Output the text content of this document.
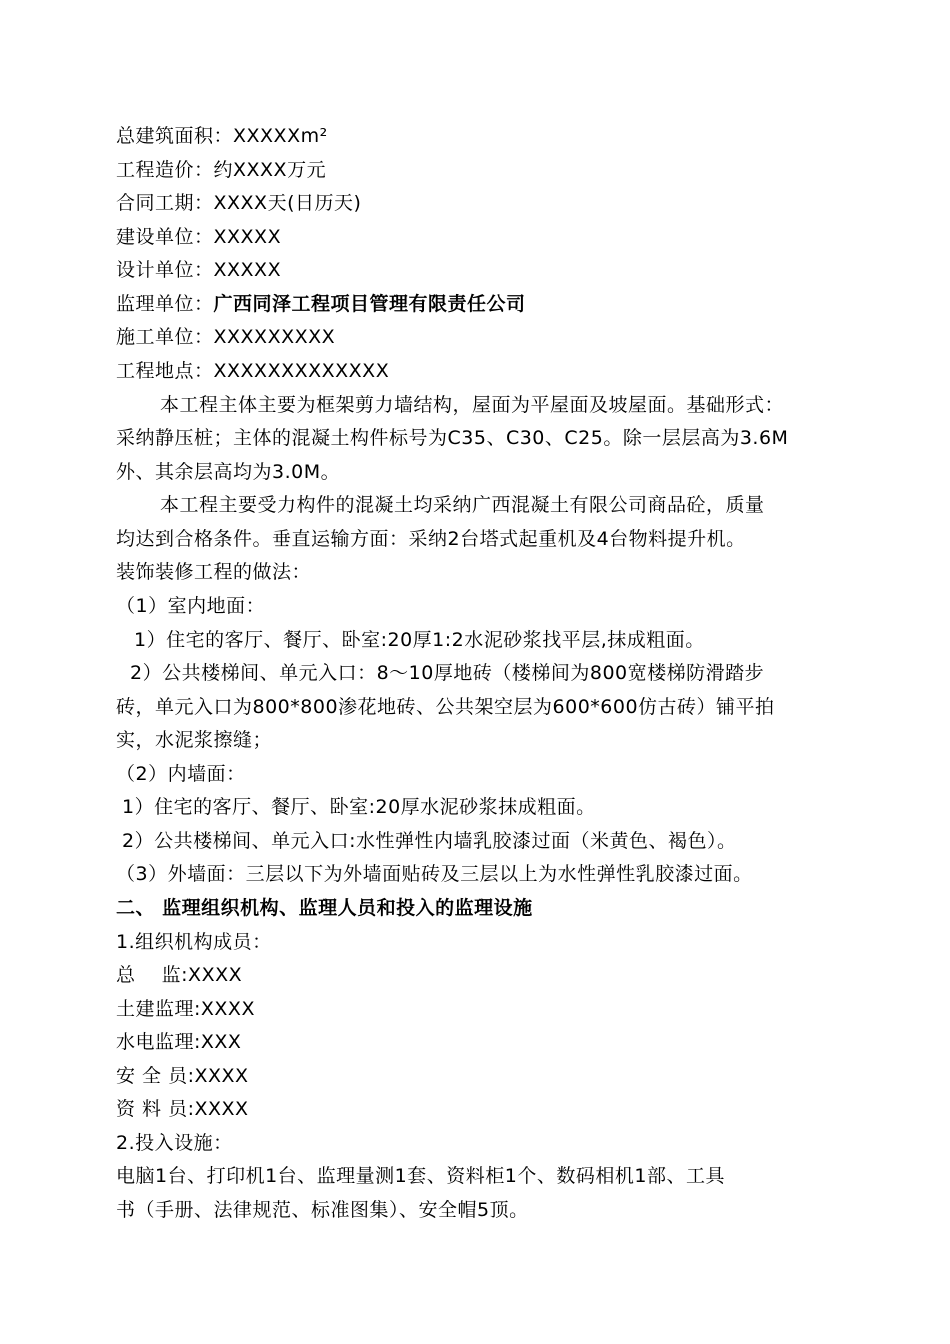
总建筑面积：XXXXXm²
工程造价：约XXXX万元
合同工期：XXXX天(日历天)
建设单位：XXXXX
设计单位：XXXXX
监理单位：广西同泽工程项目管理有限责任公司
施工单位：XXXXXXXXX
工程地点：XXXXXXXXXXXXX
本工程主体主要为框架剪力墙结构，屋面为平屋面及坡屋面。基础形式：
采纳静压桩；主体的混凝土构件标号为C35、C30、C25。除一层层高为3.6M
外、其余层高均为3.0M。
本工程主要受力构件的混凝土均采纳广西混凝土有限公司商品砼，质量
均达到合格条件。垂直运输方面：采纳2台塔式起重机及4台物料提升机。
装饰装修工程的做法：
（1）室内地面：
1）住宅的客厅、餐厅、卧室:20厚1:2水泥砂浆找平层,抹成粗面。
2）公共楼梯间、单元入口：8～10厚地砖（楼梯间为800宽楼梯防滑踏步
砖，单元入口为800*800渗花地砖、公共架空层为600*600仿古砖）铺平拍
实，水泥浆擦缝；
（2）内墙面：
1）住宅的客厅、餐厅、卧室:20厚水泥砂浆抹成粗面。
2）公共楼梯间、单元入口:水性弹性内墙乳胶漆过面（米黄色、褐色）。
（3）外墙面：三层以下为外墙面贴砖及三层以上为水性弹性乳胶漆过面。
二、 监理组织机构、监理人员和投入的监理设施
1.组织机构成员：
总    监:XXXX
土建监理:XXXX
水电监理:XXX
安 全 员:XXXX
资 料 员:XXXX
2.投入设施：
电脑1台、打印机1台、监理量测1套、资料柜1个、数码相机1部、工具
书（手册、法律规范、标准图集）、安全帽5顶。
